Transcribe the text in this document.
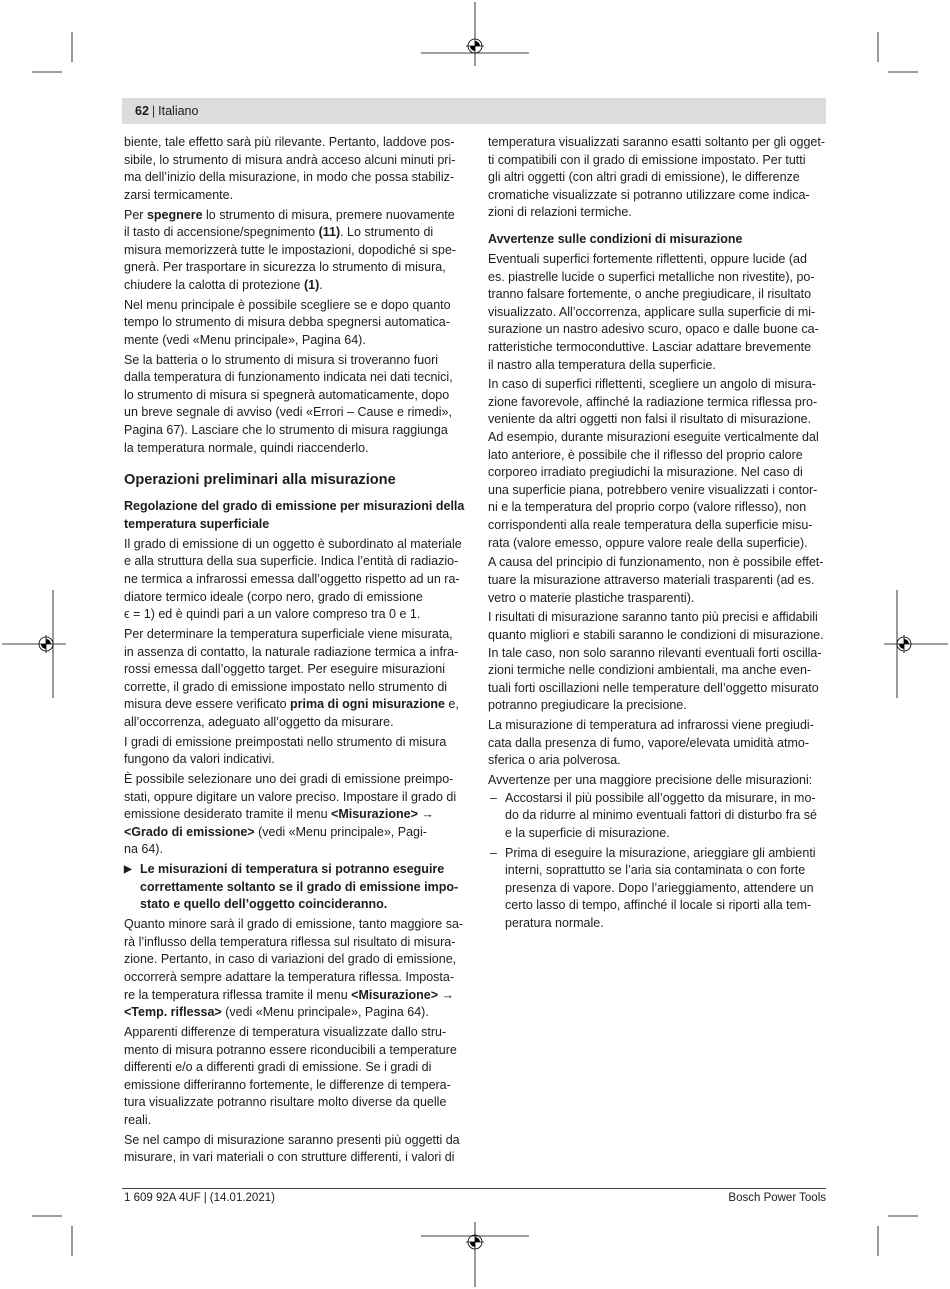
62 | Italiano
biente, tale effetto sarà più rilevante. Pertanto, laddove pos-
sibile, lo strumento di misura andrà acceso alcuni minuti pri-
ma dell’inizio della misurazione, in modo che possa stabiliz-
zarsi termicamente.
Per spegnere lo strumento di misura, premere nuovamente
il tasto di accensione/spegnimento (11). Lo strumento di
misura memorizzerà tutte le impostazioni, dopodiché si spe-
gnerà. Per trasportare in sicurezza lo strumento di misura,
chiudere la calotta di protezione (1).
Nel menu principale è possibile scegliere se e dopo quanto
tempo lo strumento di misura debba spegnersi automatica-
mente (vedi «Menu principale», Pagina 64).
Se la batteria o lo strumento di misura si troveranno fuori
dalla temperatura di funzionamento indicata nei dati tecnici,
lo strumento di misura si spegnerà automaticamente, dopo
un breve segnale di avviso (vedi «Errori – Cause e rimedi»,
Pagina 67). Lasciare che lo strumento di misura raggiunga
la temperatura normale, quindi riaccenderlo.
Operazioni preliminari alla misurazione
Regolazione del grado di emissione per misurazioni della
temperatura superficiale
Il grado di emissione di un oggetto è subordinato al materiale
e alla struttura della sua superficie. Indica l’entità di radiazio-
ne termica a infrarossi emessa dall’oggetto rispetto ad un ra-
diatore termico ideale (corpo nero, grado di emissione
ϵ = 1) ed è quindi pari a un valore compreso tra 0 e 1.
Per determinare la temperatura superficiale viene misurata,
in assenza di contatto, la naturale radiazione termica a infra-
rossi emessa dall’oggetto target. Per eseguire misurazioni
corrette, il grado di emissione impostato nello strumento di
misura deve essere verificato prima di ogni misurazione e,
all’occorrenza, adeguato all’oggetto da misurare.
I gradi di emissione preimpostati nello strumento di misura
fungono da valori indicativi.
È possibile selezionare uno dei gradi di emissione preimpo-
stati, oppure digitare un valore preciso. Impostare il grado di
emissione desiderato tramite il menu <Misurazione> →
<Grado di emissione> (vedi «Menu principale», Pagi-
na 64).
▶ Le misurazioni di temperatura si potranno eseguire
correttamente soltanto se il grado di emissione impo-
stato e quello dell’oggetto coincideranno.
Quanto minore sarà il grado di emissione, tanto maggiore sa-
rà l’influsso della temperatura riflessa sul risultato di misura-
zione. Pertanto, in caso di variazioni del grado di emissione,
occorrerà sempre adattare la temperatura riflessa. Imposta-
re la temperatura riflessa tramite il menu <Misurazione> →
<Temp. riflessa> (vedi «Menu principale», Pagina 64).
Apparenti differenze di temperatura visualizzate dallo stru-
mento di misura potranno essere riconducibili a temperature
differenti e/o a differenti gradi di emissione. Se i gradi di
emissione differiranno fortemente, le differenze di tempera-
tura visualizzate potranno risultare molto diverse da quelle
reali.
Se nel campo di misurazione saranno presenti più oggetti da
misurare, in vari materiali o con strutture differenti, i valori di
temperatura visualizzati saranno esatti soltanto per gli ogget-
ti compatibili con il grado di emissione impostato. Per tutti
gli altri oggetti (con altri gradi di emissione), le differenze
cromatiche visualizzate si potranno utilizzare come indica-
zioni di relazioni termiche.
Avvertenze sulle condizioni di misurazione
Eventuali superfici fortemente riflettenti, oppure lucide (ad
es. piastrelle lucide o superfici metalliche non rivestite), po-
tranno falsare fortemente, o anche pregiudicare, il risultato
visualizzato. All’occorrenza, applicare sulla superficie di mi-
surazione un nastro adesivo scuro, opaco e dalle buone ca-
ratteristiche termoconduttive. Lasciar adattare brevemente
il nastro alla temperatura della superficie.
In caso di superfici riflettenti, scegliere un angolo di misura-
zione favorevole, affinché la radiazione termica riflessa pro-
veniente da altri oggetti non falsi il risultato di misurazione.
Ad esempio, durante misurazioni eseguite verticalmente dal
lato anteriore, è possibile che il riflesso del proprio calore
corporeo irradiato pregiudichi la misurazione. Nel caso di
una superficie piana, potrebbero venire visualizzati i contor-
ni e la temperatura del proprio corpo (valore riflesso), non
corrispondenti alla reale temperatura della superficie misu-
rata (valore emesso, oppure valore reale della superficie).
A causa del principio di funzionamento, non è possibile effet-
tuare la misurazione attraverso materiali trasparenti (ad es.
vetro o materie plastiche trasparenti).
I risultati di misurazione saranno tanto più precisi e affidabili
quanto migliori e stabili saranno le condizioni di misurazione.
In tale caso, non solo saranno rilevanti eventuali forti oscilla-
zioni termiche nelle condizioni ambientali, ma anche even-
tuali forti oscillazioni nelle temperature dell’oggetto misurato
potranno pregiudicare la precisione.
La misurazione di temperatura ad infrarossi viene pregiudi-
cata dalla presenza di fumo, vapore/elevata umidità atmo-
sferica o aria polverosa.
Avvertenze per una maggiore precisione delle misurazioni:
– Accostarsi il più possibile all’oggetto da misurare, in mo-
do da ridurre al minimo eventuali fattori di disturbo fra sé
e la superficie di misurazione.
– Prima di eseguire la misurazione, arieggiare gli ambienti
interni, soprattutto se l’aria sia contaminata o con forte
presenza di vapore. Dopo l’arieggiamento, attendere un
certo lasso di tempo, affinché il locale si riporti alla tem-
peratura normale.
1 609 92A 4UF | (14.01.2021)	Bosch Power Tools
